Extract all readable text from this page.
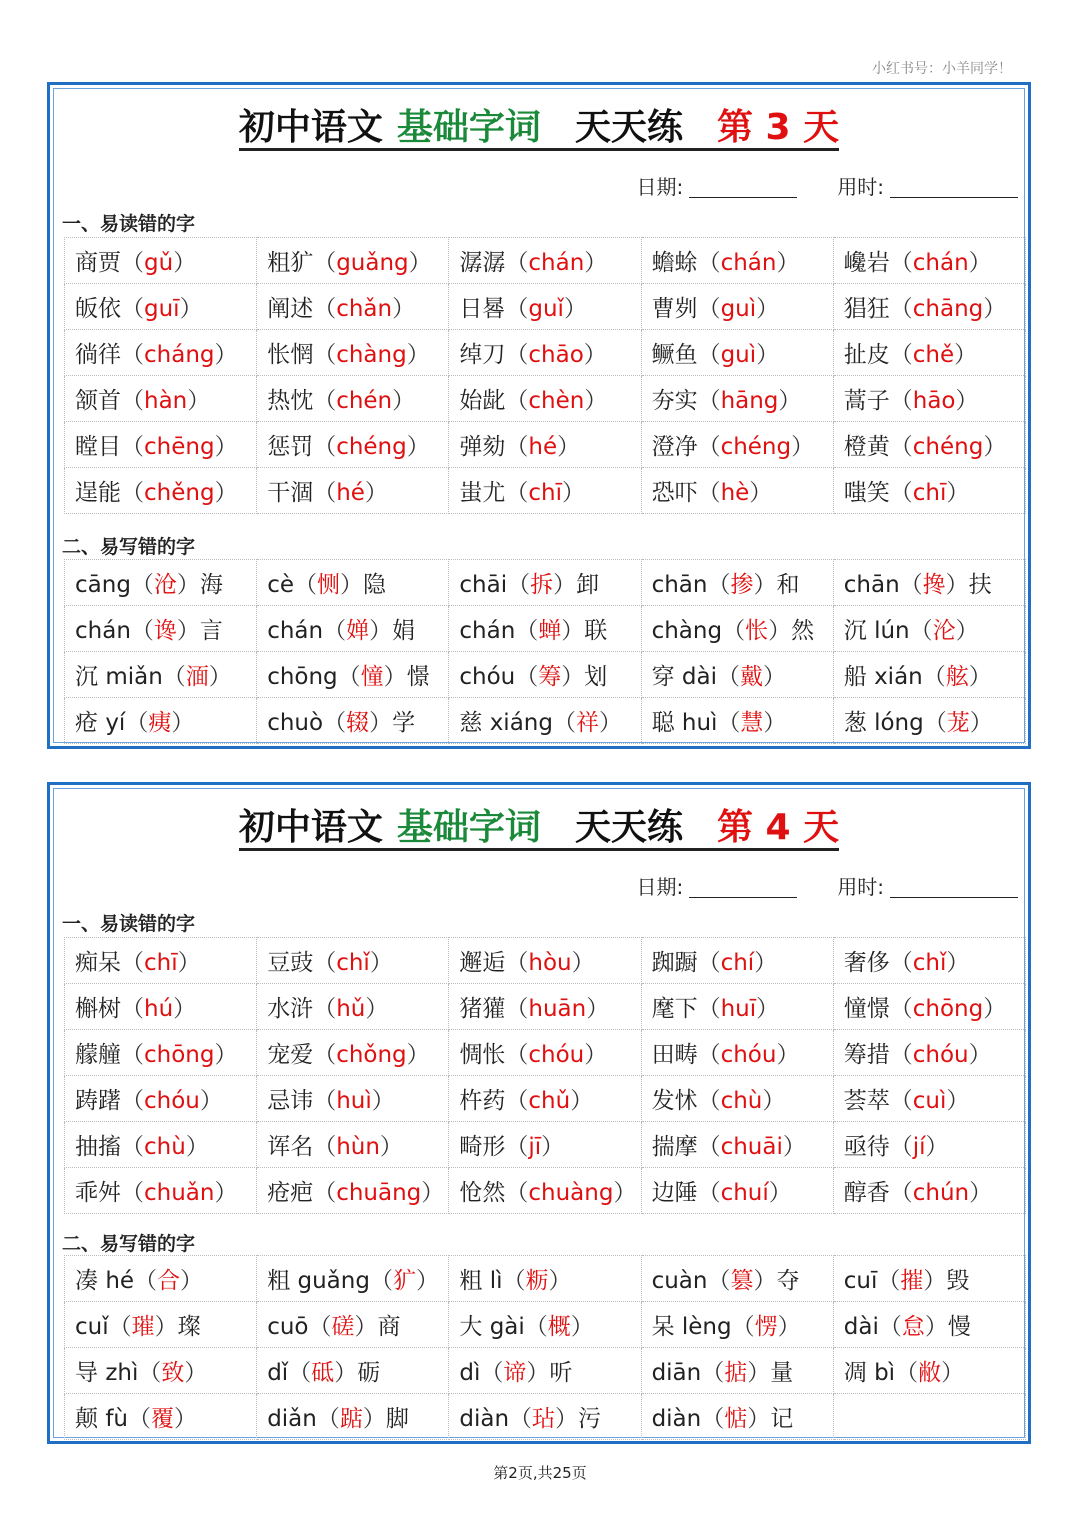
小红书号：小羊同学！
初中语文 基础字词 天天练 第 3 天
日期:	用时:
一、易读错的字
商贾（gǔ）	粗犷（guǎng）	潺潺（chán）	蟾蜍（chán）	巉岩（chán）
皈依（guī）	阐述（chǎn）	日晷（guǐ）	曹刿（guì）	猖狂（chāng）
徜徉（cháng）	怅惘（chàng）	绰刀（chāo）	鳜鱼（guì）	扯皮（chě）
颔首（hàn）	热忱（chén）	始龀（chèn）	夯实（hāng）	蒿子（hāo）
瞠目（chēng）	惩罚（chéng）	弹劾（hé）	澄净（chéng）	橙黄（chéng）
逞能（chěng）	干涸（hé）	蚩尤（chī）	恐吓（hè）	嗤笑（chī）
二、易写错的字
cāng（沧）海	cè（恻）隐	chāi（拆）卸	chān（掺）和	chān（搀）扶
chán（谗）言	chán（婵）娟	chán（蝉）联	chàng（怅）然	沉 lún（沦）
沉 miǎn（湎）	chōng（憧）憬	chóu（筹）划	穿 dài（戴）	船 xián（舷）
疮 yí（痍）	chuò（辍）学	慈 xiáng（祥）	聪 huì（慧）	葱 lóng（茏）
初中语文 基础字词 天天练 第 4 天
日期:	用时:
一、易读错的字
痴呆（chī）	豆豉（chǐ）	邂逅（hòu）	踟蹰（chí）	奢侈（chǐ）
槲树（hú）	水浒（hǔ）	猪獾（huān）	麾下（huī）	憧憬（chōng）
艨艟（chōng）	宠爱（chǒng）	惆怅（chóu）	田畴（chóu）	筹措（chóu）
踌躇（chóu）	忌讳（huì）	杵药（chǔ）	发怵（chù）	荟萃（cuì）
抽搐（chù）	诨名（hùn）	畸形（jī）	揣摩（chuāi）	亟待（jí）
乖舛（chuǎn）	疮疤（chuāng）	怆然（chuàng）	边陲（chuí）	醇香（chún）
二、易写错的字
凑 hé（合）	粗 guǎng（犷）	粗 lì（粝）	cuàn（篡）夺	cuī（摧）毁
cuǐ（璀）璨	cuō（磋）商	大 gài（概）	呆 lèng（愣）	dài（怠）慢
导 zhì（致）	dǐ（砥）砺	dì（谛）听	diān（掂）量	凋 bì（敝）
颠 fù（覆）	diǎn（踮）脚	diàn（玷）污	diàn（惦）记	
第2页,共25页
